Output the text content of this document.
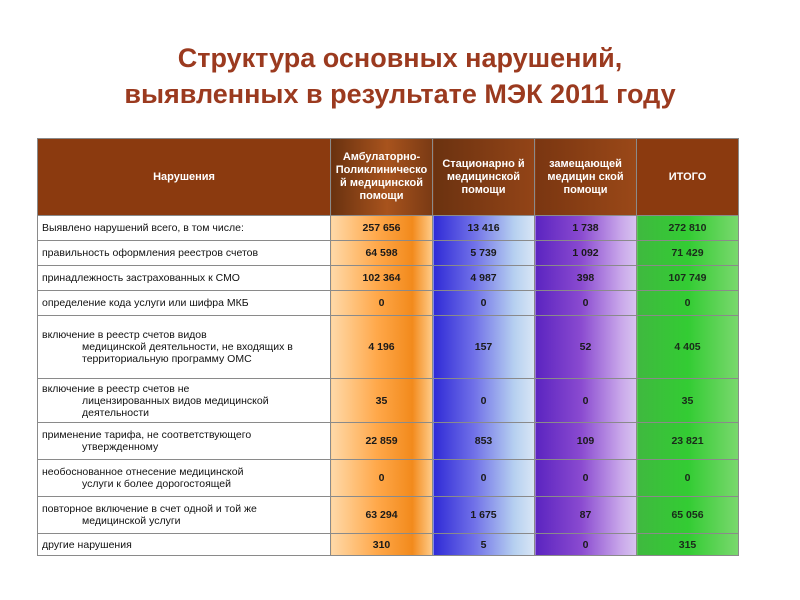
Структура основных нарушений,
выявленных в результате МЭК 2011 году
Нарушения	Амбулаторно-Поликлиническо й медицинской помощи	Стационарно й медицинской помощи	замещающей медицин ской помощи	ИТОГО

Выявлено нарушений всего, в том числе:	257 656	13 416	1 738	272 810

правильность оформления реестров счетов	64 598	5 739	1 092	71 429

принадлежность застрахованных к СМО	102 364	4 987	398	107 749

определение кода услуги или шифра МКБ	0	0	0	0

включение в реестр счетов видов
медицинской деятельности, не входящих в территориальную программу ОМС	4 196	157	52	4 405

включение в реестр счетов не
лицензированных видов медицинской деятельности	35	0	0	35

применение тарифа, не соответствующего
утвержденному	22 859	853	109	23 821

необоснованное отнесение медицинской
услуги к более дорогостоящей	0	0	0	0

повторное включение в счет одной и той же
медицинской услуги	63 294	1 675	87	65 056

другие нарушения	310	5	0	315
